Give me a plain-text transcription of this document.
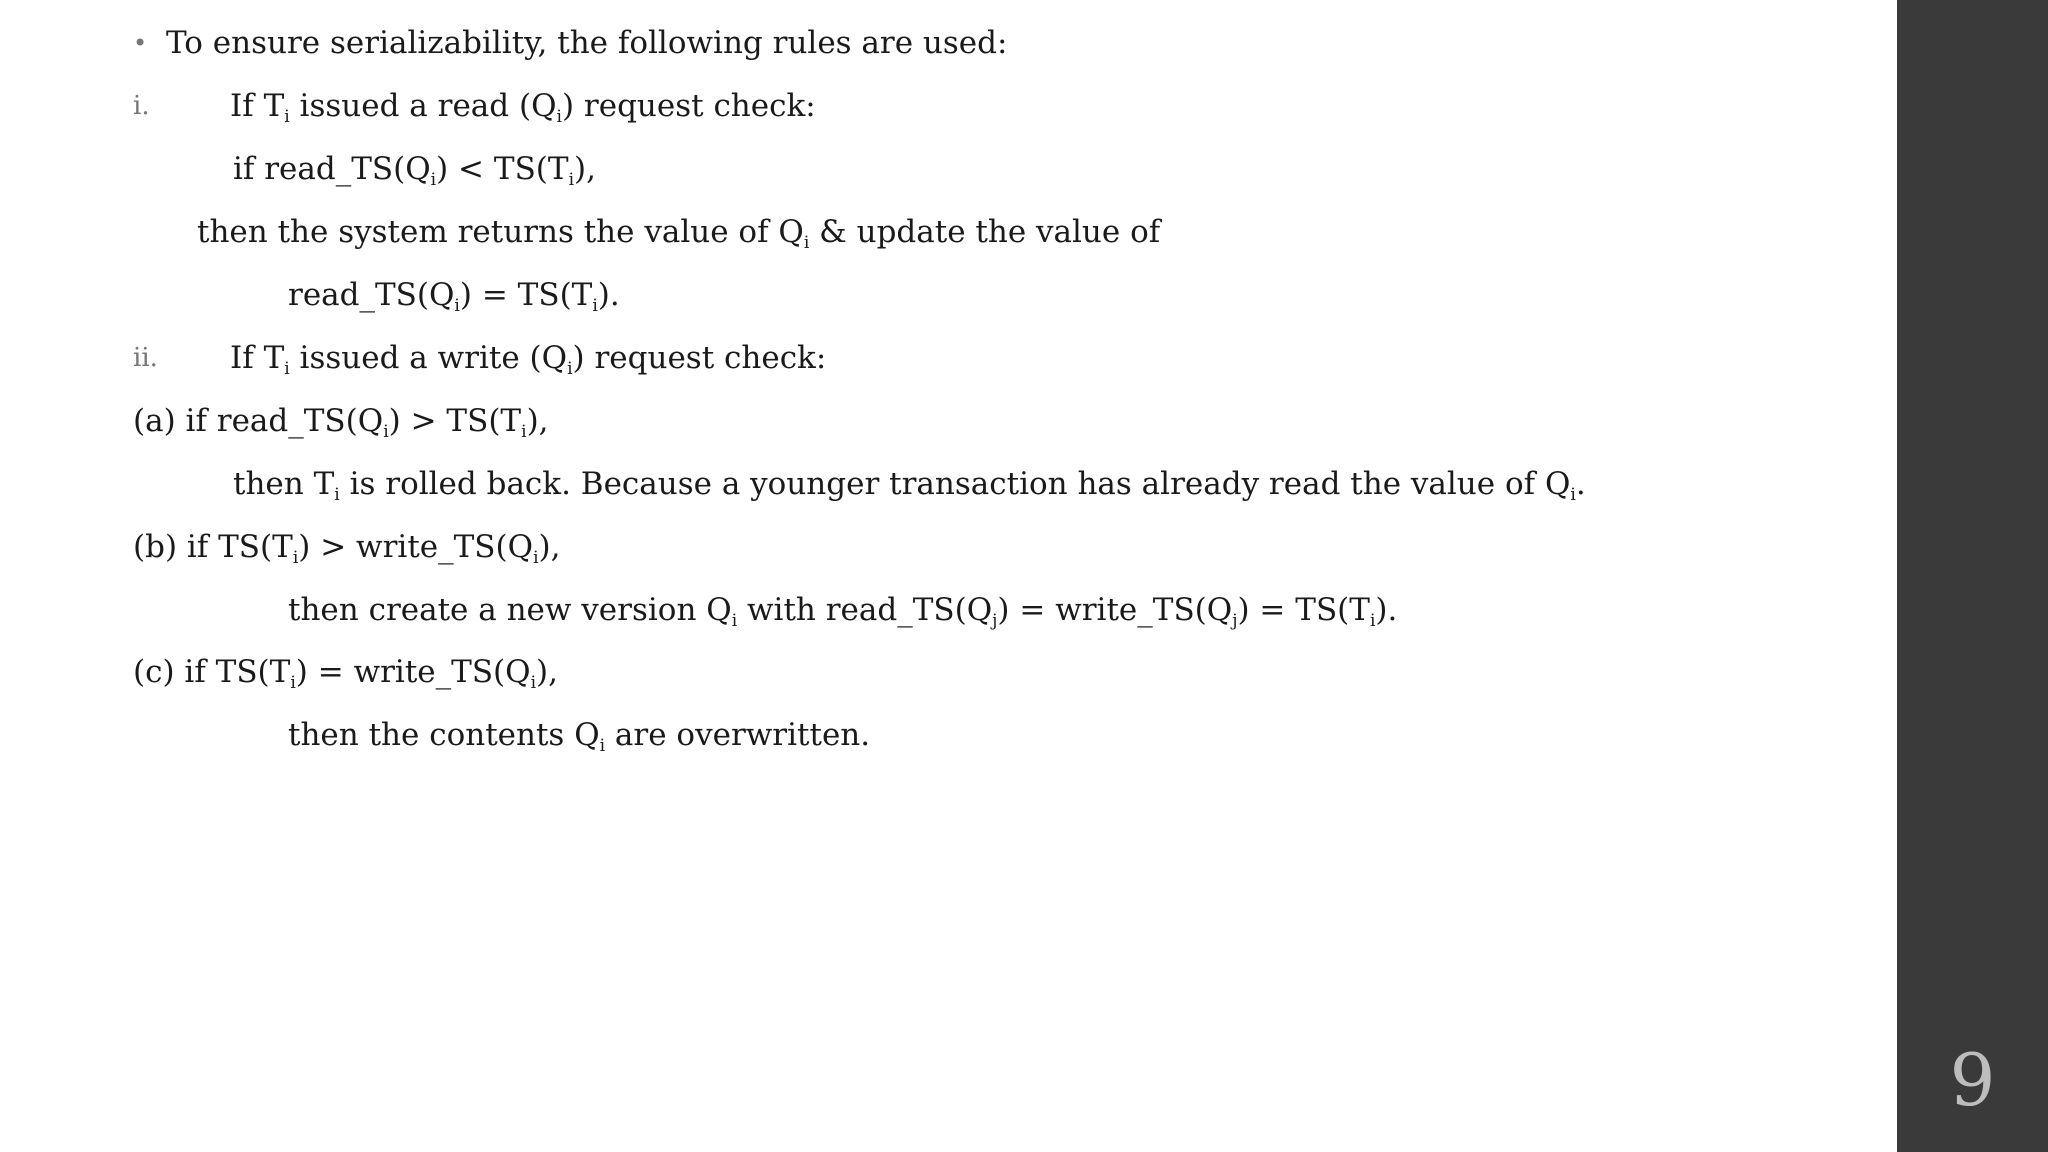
• To ensure serializability, the following rules are used:
i.	If $T_i$ issued a read $(Q_i)$ request check:
if $read\_TS(Q_i) < TS(T_i)$,
then the system returns the value of $Q_i$ & update the value of
$read\_TS(Q_i) = TS(T_i)$.
ii. If $T_i$ issued a write $(Q_i)$ request check:
(a) if $read\_TS(Q_i) > TS(T_i)$,
then $T_i$ is rolled back. Because a younger transaction has already read the value of $Q_i$.
(b) if $TS(T_i)$ > $write\_TS(Q_i)$,
then create a new version $Q_i$ with $read\_TS(Q_j)$ = $write\_TS(Q_j) = TS(T_i)$.
(c) if $TS(T_i)$ = $write\_TS(Q_i)$,
then the contents $Q_i$ are overwritten.
9
